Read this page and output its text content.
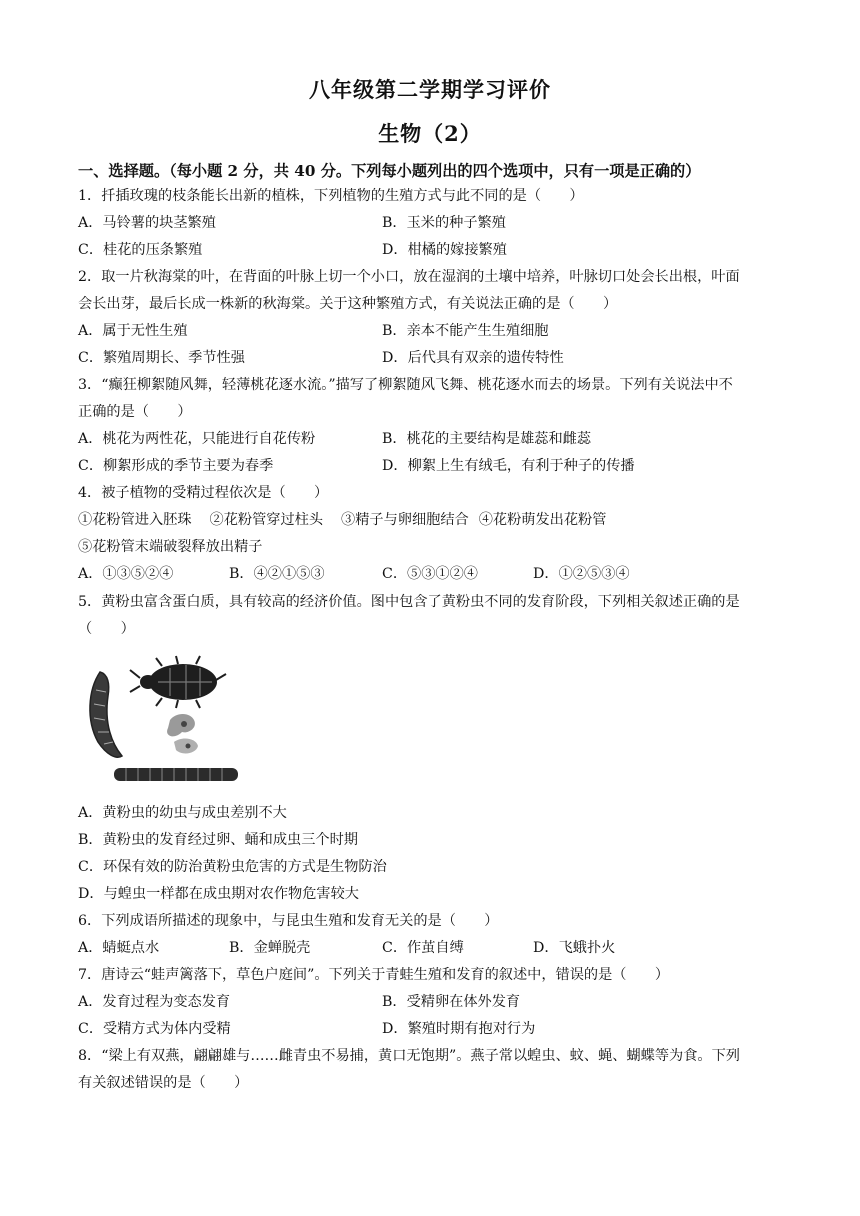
八年级第二学期学习评价
生物（2）
一、选择题。（每小题 2 分，共 40 分。下列每小题列出的四个选项中，只有一项是正确的）
1．扦插玫瑰的枝条能长出新的植株，下列植物的生殖方式与此不同的是（　　）
A．马铃薯的块茎繁殖	B．玉米的种子繁殖
C．桂花的压条繁殖	D．柑橘的嫁接繁殖
2．取一片秋海棠的叶，在背面的叶脉上切一个小口，放在湿润的土壤中培养，叶脉切口处会长出根，叶面
会长出芽，最后长成一株新的秋海棠。关于这种繁殖方式，有关说法正确的是（　　）
A．属于无性生殖	B．亲本不能产生生殖细胞
C．繁殖周期长、季节性强	D．后代具有双亲的遗传特性
3．“癫狂柳絮随风舞，轻薄桃花逐水流。”描写了柳絮随风飞舞、桃花逐水而去的场景。下列有关说法中不
正确的是（　　）
A．桃花为两性花，只能进行自花传粉	B．桃花的主要结构是雄蕊和雌蕊
C．柳絮形成的季节主要为春季	D．柳絮上生有绒毛，有利于种子的传播
4．被子植物的受精过程依次是（　　）
①花粉管进入胚珠 ②花粉管穿过柱头 ③精子与卵细胞结合 ④花粉萌发出花粉管
⑤花粉管末端破裂释放出精子
A．①③⑤②④	B．④②①⑤③	C．⑤③①②④	D．①②⑤③④
5．黄粉虫富含蛋白质，具有较高的经济价值。图中包含了黄粉虫不同的发育阶段，下列相关叙述正确的是
（　　）
A．黄粉虫的幼虫与成虫差别不大
B．黄粉虫的发育经过卵、蛹和成虫三个时期
C．环保有效的防治黄粉虫危害的方式是生物防治
D．与蝗虫一样都在成虫期对农作物危害较大
6．下列成语所描述的现象中，与昆虫生殖和发育无关的是（　　）
A．蜻蜓点水	B．金蝉脱壳	C．作茧自缚	D．飞蛾扑火
7．唐诗云“蛙声篱落下，草色户庭间”。下列关于青蛙生殖和发育的叙述中，错误的是（　　）
A．发育过程为变态发育	B．受精卵在体外发育
C．受精方式为体内受精	D．繁殖时期有抱对行为
8．“梁上有双燕，翩翩雄与……雌青虫不易捕，黄口无饱期”。燕子常以蝗虫、蚊、蝇、蝴蝶等为食。下列
有关叙述错误的是（　　）
